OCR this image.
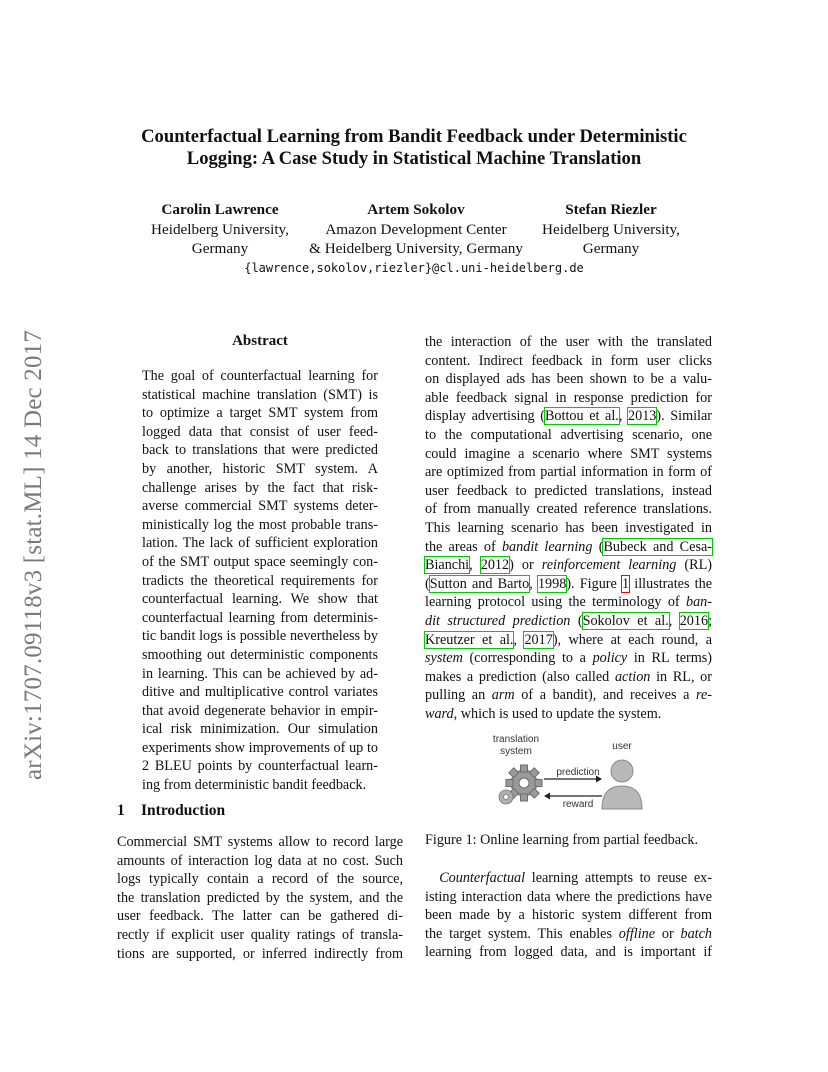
Counterfactual Learning from Bandit Feedback under Deterministic
Logging: A Case Study in Statistical Machine Translation
Carolin Lawrence
Heidelberg University,
Germany
Artem Sokolov
Amazon Development Center
& Heidelberg University, Germany
Stefan Riezler
Heidelberg University,
Germany
{lawrence,sokolov,riezler}@cl.uni-heidelberg.de
arXiv:1707.09118v3 [stat.ML] 14 Dec 2017	Abstract
The goal of counterfactual learning for
statistical machine translation (SMT) is
to optimize a target SMT system from
logged data that consist of user feed-
back to translations that were predicted
by another, historic SMT system. A
challenge arises by the fact that risk-
averse commercial SMT systems deter-
ministically log the most probable trans-
lation. The lack of sufficient exploration
of the SMT output space seemingly con-
tradicts the theoretical requirements for
counterfactual learning. We show that
counterfactual learning from determinis-
tic bandit logs is possible nevertheless by
smoothing out deterministic components
in learning. This can be achieved by ad-
ditive and multiplicative control variates
that avoid degenerate behavior in empir-
ical risk minimization. Our simulation
experiments show improvements of up to
2 BLEU points by counterfactual learn-
ing from deterministic bandit feedback.
1 Introduction
Commercial SMT systems allow to record large
amounts of interaction log data at no cost. Such
logs typically contain a record of the source,
the translation predicted by the system, and the
user feedback. The latter can be gathered di-
rectly if explicit user quality ratings of transla-
tions are supported, or inferred indirectly from
the interaction of the user with the translated
content. Indirect feedback in form user clicks
on displayed ads has been shown to be a valu-
able feedback signal in response prediction for
display advertising (Bottou et al., 2013). Similar
to the computational advertising scenario, one
could imagine a scenario where SMT systems
are optimized from partial information in form of
user feedback to predicted translations, instead
of from manually created reference translations.
This learning scenario has been investigated in
the areas of bandit learning (Bubeck and Cesa-
Bianchi, 2012) or reinforcement learning (RL)
(Sutton and Barto, 1998). Figure 1 illustrates the
learning protocol using the terminology of ban-
dit structured prediction (Sokolov et al., 2016;
Kreutzer et al., 2017), where at each round, a
system (corresponding to a policy in RL terms)
makes a prediction (also called action in RL, or
pulling an arm of a bandit), and receives a re-
ward, which is used to update the system.
translation
system	user
prediction
reward
Figure 1: Online learning from partial feedback.
  Counterfactual learning attempts to reuse ex-
isting interaction data where the predictions have
been made by a historic system different from
the target system. This enables offline or batch
learning from logged data, and is important if
